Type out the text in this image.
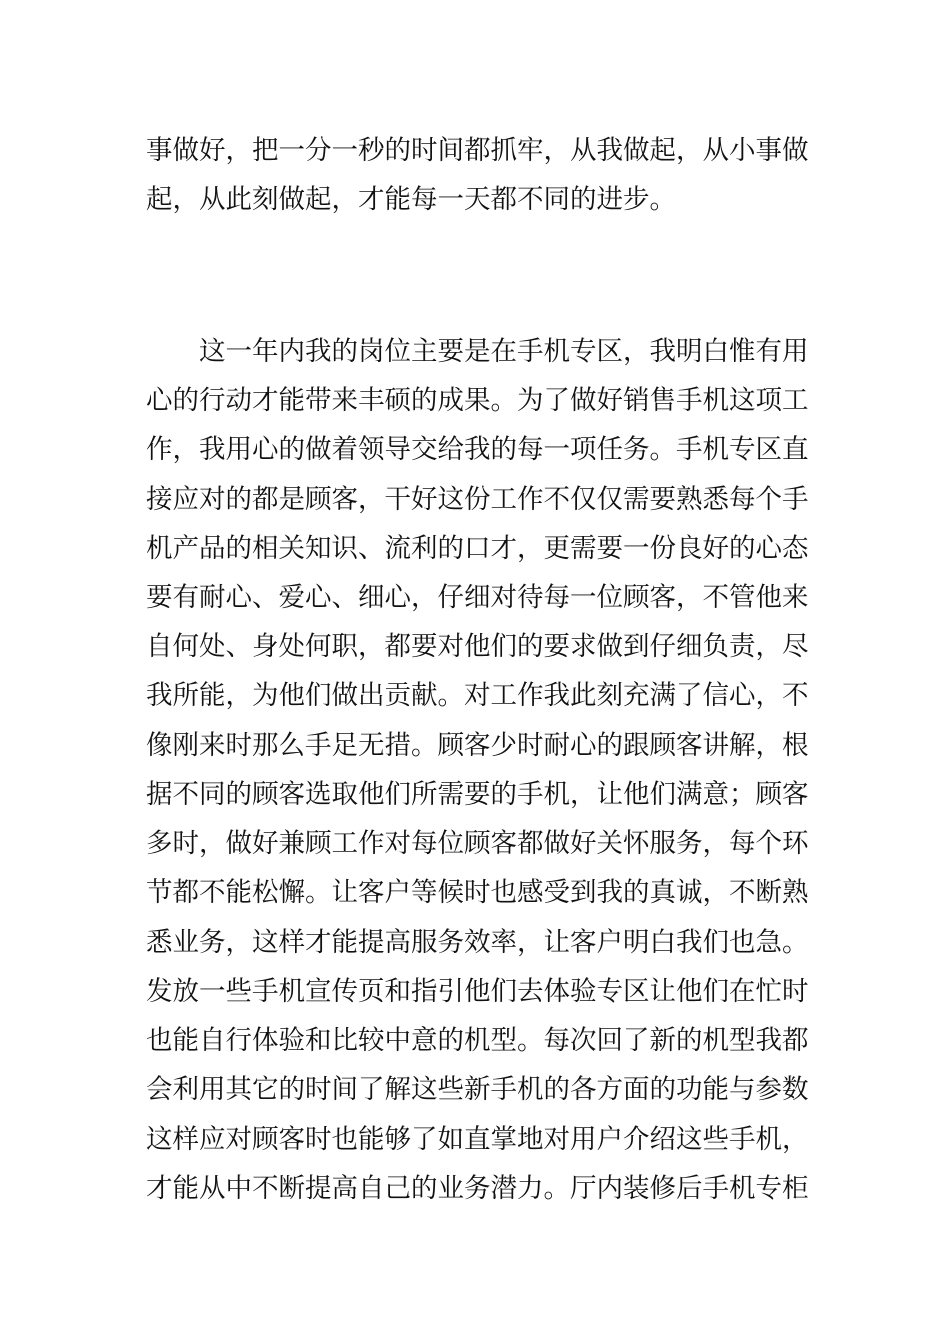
事做好，把一分一秒的时间都抓牢，从我做起，从小事做
起，从此刻做起，才能每一天都不同的进步。
　　这一年内我的岗位主要是在手机专区，我明白惟有用
心的行动才能带来丰硕的成果。为了做好销售手机这项工
作，我用心的做着领导交给我的每一项任务。手机专区直
接应对的都是顾客，干好这份工作不仅仅需要熟悉每个手
机产品的相关知识、流利的口才，更需要一份良好的心态
要有耐心、爱心、细心，仔细对待每一位顾客，不管他来
自何处、身处何职，都要对他们的要求做到仔细负责，尽
我所能，为他们做出贡献。对工作我此刻充满了信心，不
像刚来时那么手足无措。顾客少时耐心的跟顾客讲解，根
据不同的顾客选取他们所需要的手机，让他们满意；顾客
多时，做好兼顾工作对每位顾客都做好关怀服务，每个环
节都不能松懈。让客户等候时也感受到我的真诚，不断熟
悉业务，这样才能提高服务效率，让客户明白我们也急。
发放一些手机宣传页和指引他们去体验专区让他们在忙时
也能自行体验和比较中意的机型。每次回了新的机型我都
会利用其它的时间了解这些新手机的各方面的功能与参数
这样应对顾客时也能够了如直掌地对用户介绍这些手机，
才能从中不断提高自己的业务潜力。厅内装修后手机专柜
